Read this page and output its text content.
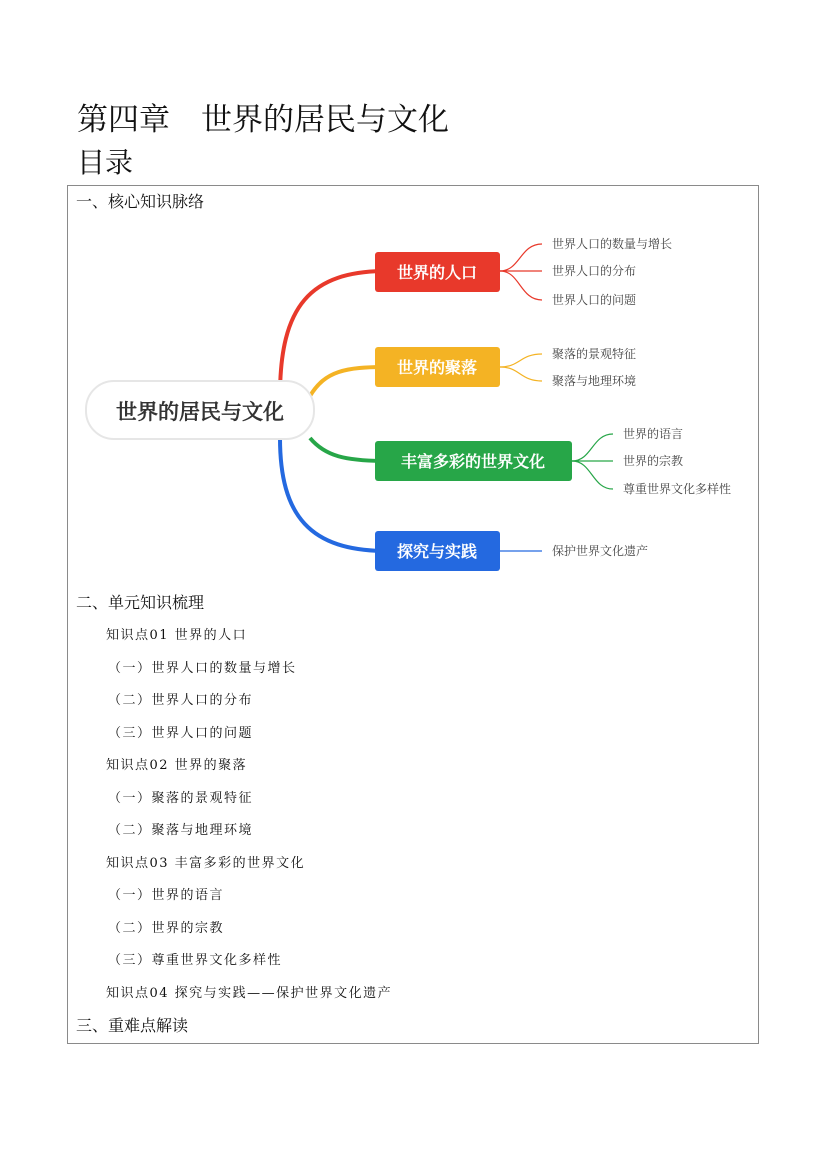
第四章　世界的居民与文化
目录
一、核心知识脉络
世界的居民与文化
世界的人口
世界的聚落
丰富多彩的世界文化
探究与实践
世界人口的数量与增长
世界人口的分布
世界人口的问题
聚落的景观特征
聚落与地理环境
世界的语言
世界的宗教
尊重世界文化多样性
保护世界文化遗产
二、单元知识梳理
知识点01 世界的人口
（一）世界人口的数量与增长
（二）世界人口的分布
（三）世界人口的问题
知识点02 世界的聚落
（一）聚落的景观特征
（二）聚落与地理环境
知识点03 丰富多彩的世界文化
（一）世界的语言
（二）世界的宗教
（三）尊重世界文化多样性
知识点04 探究与实践——保护世界文化遗产
三、重难点解读
